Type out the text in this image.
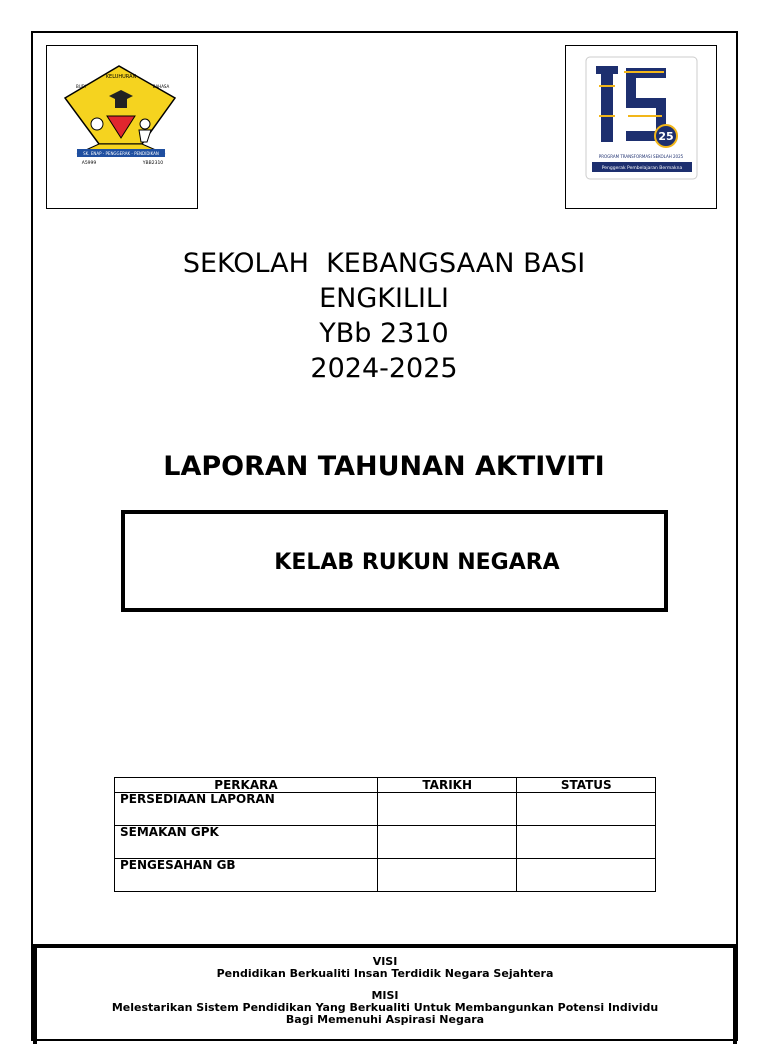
KELUHURAN
BUDI	BAHASA
SK. ENAP - PENGGERAK - PENDIDIKAN
A5999	YBB2310
25
PROGRAM TRANSFORMASI SEKOLAH 2025
Penggerak Pembelajaran Bermakna
SEKOLAH  KEBANGSAAN BASI
ENGKILILI
YBb 2310
2024-2025
LAPORAN TAHUNAN AKTIVITI
KELAB RUKUN NEGARA
PERKARA	TARIKH	STATUS
PERSEDIAAN LAPORAN		
SEMAKAN GPK		
PENGESAHAN GB		
VISI
Pendidikan Berkualiti Insan Terdidik Negara Sejahtera
MISI
Melestarikan Sistem Pendidikan Yang Berkualiti Untuk Membangunkan Potensi Individu
Bagi Memenuhi Aspirasi Negara
